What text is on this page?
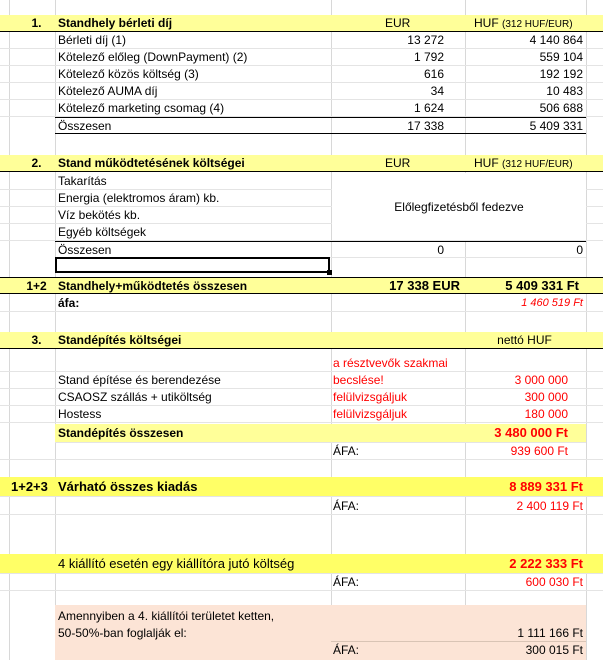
1.	Standhely bérleti díj	EUR	HUF (312 HUF/EUR)
Bérleti díj (1)	13 272	4 140 864
Kötelező előleg (DownPayment) (2)	1 792	559 104
Kötelező közös költség (3)	616	192 192
Kötelező AUMA díj	34	10 483
Kötelező marketing csomag (4)	1 624	506 688
Összesen	17 338	5 409 331
2.	Stand működtetésének költségei	EUR	HUF (312 HUF/EUR)
Takarítás
Energia (elektromos áram) kb.
Víz bekötés kb.
Egyéb költségek
Előlegfizetésből fedezve
Összesen	0	0
1+2 Standhely+működtetés összesen	17 338 EUR	5 409 331 Ft
áfa:	1 460 519 Ft
3.	Standépítés költségei	nettó HUF
a résztvevők szakmai
Stand építése és berendezése	becslése!	3 000 000
CSAOSZ szállás + utiköltség	felülvizsgáljuk	300 000
Hostess	felülvizsgáljuk	180 000
Standépítés összesen	3 480 000 Ft
ÁFA:	939 600 Ft
1+2+3 Várható összes kiadás	8 889 331 Ft
ÁFA:	2 400 119 Ft
4 kiállító esetén egy kiállítóra jutó költség	2 222 333 Ft
ÁFA:	600 030 Ft
Amennyiben a 4. kiállítói területet ketten,
50-50%-ban foglalják el:	1 111 166 Ft
ÁFA:	300 015 Ft
